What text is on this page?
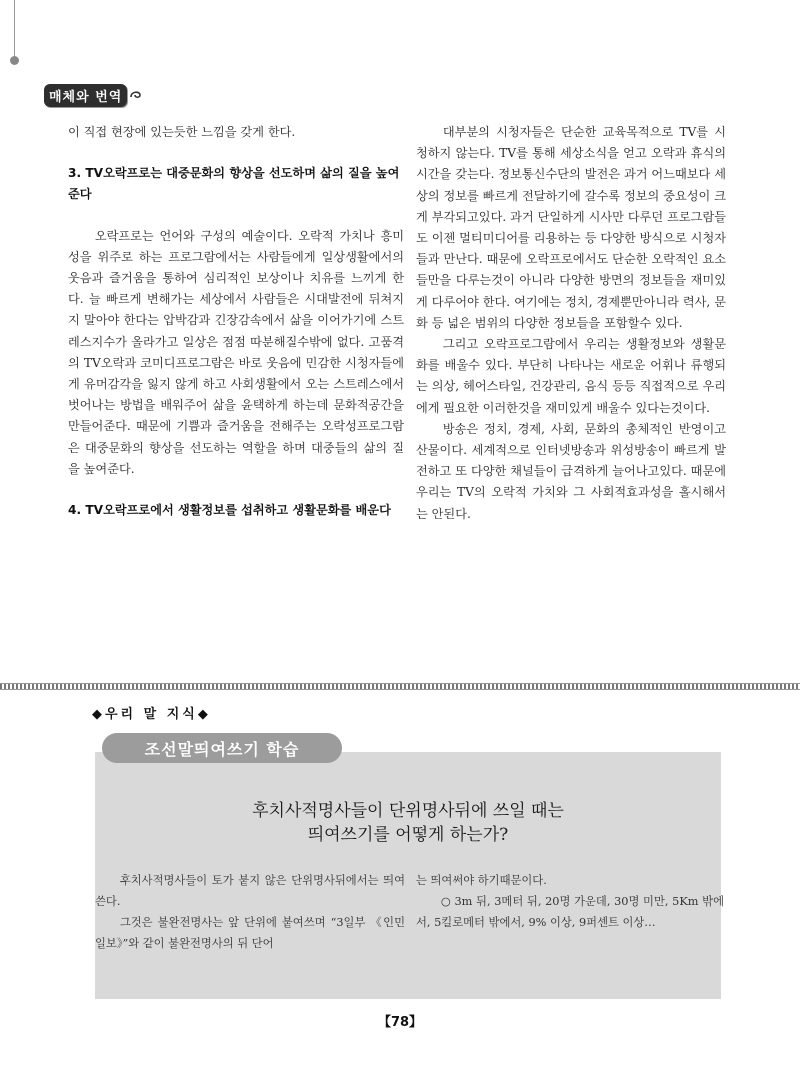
매체와 번역

이 직접 현장에 있는듯한 느낌을 갖게 한다.

3. TV오락프로는 대중문화의 향상을 선도하며 삶의 질을 높여준다

오락프로는 언어와 구성의 예술이다. 오락적 가치나 흥미성을 위주로 하는 프로그람에서는 사람들에게 일상생활에서의 웃음과 즐거움을 통하여 심리적인 보상이나 치유를 느끼게 한다. 늘 빠르게 변해가는 세상에서 사람들은 시대발전에 뒤쳐지지 말아야 한다는 압박감과 긴장감속에서 삶을 이어가기에 스트레스지수가 올라가고 일상은 점점 따분해질수밖에 없다. 고품격의 TV오락과 코미디프로그람은 바로 웃음에 민감한 시청자들에게 유머감각을 잃지 않게 하고 사회생활에서 오는 스트레스에서 벗어나는 방법을 배워주어 삶을 윤택하게 하는데 문화적공간을 만들어준다. 때문에 기쁨과 즐거움을 전해주는 오락성프로그람은 대중문화의 향상을 선도하는 역할을 하며 대중들의 삶의 질을 높여준다.

4. TV오락프로에서 생활정보를 섭취하고 생활문화를 배운다

대부분의 시청자들은 단순한 교육목적으로 TV를 시청하지 않는다. TV를 통해 세상소식을 얻고 오락과 휴식의 시간을 갖는다. 정보통신수단의 발전은 과거 어느때보다 세상의 정보를 빠르게 전달하기에 갈수록 정보의 중요성이 크게 부각되고있다. 과거 단일하게 시사만 다루던 프로그람들도 이젠 멀티미디어를 리용하는 등 다양한 방식으로 시청자들과 만난다. 때문에 오락프로에서도 단순한 오락적인 요소들만을 다루는것이 아니라 다양한 방면의 정보들을 재미있게 다루어야 한다. 여기에는 정치, 경제뿐만아니라 력사, 문화 등 넓은 범위의 다양한 정보들을 포함할수 있다.

그리고 오락프로그람에서 우리는 생활정보와 생활문화를 배울수 있다. 부단히 나타나는 새로운 어휘나 류행되는 의상, 헤어스타일, 건강관리, 음식 등등 직접적으로 우리에게 필요한 이러한것을 재미있게 배울수 있다는것이다.

방송은 정치, 경제, 사회, 문화의 총체적인 반영이고 산물이다. 세계적으로 인터넷방송과 위성방송이 빠르게 발전하고 또 다양한 채널들이 급격하게 늘어나고있다. 때문에 우리는 TV의 오락적 가치와 그 사회적효과성을 홀시해서는 안된다.

◆우리 말 지식◆
조선말띄여쓰기 학습
후치사적명사들이 단위명사뒤에 쓰일 때는
띄여쓰기를 어떻게 하는가?

후치사적명사들이 토가 붙지 않은 단위명사뒤에서는 띄여쓴다.

그것은 불완전명사는 앞 단위에 붙여쓰며 “3일부 《인민일보》”와 같이 불완전명사의 뒤 단어

는 띄여써야 하기때문이다.

○ 3m 뒤, 3메터 뒤, 20명 가운데, 30명 미만, 5Km 밖에서, 5킬로메터 밖에서, 9% 이상, 9퍼센트 이상…

【78】
